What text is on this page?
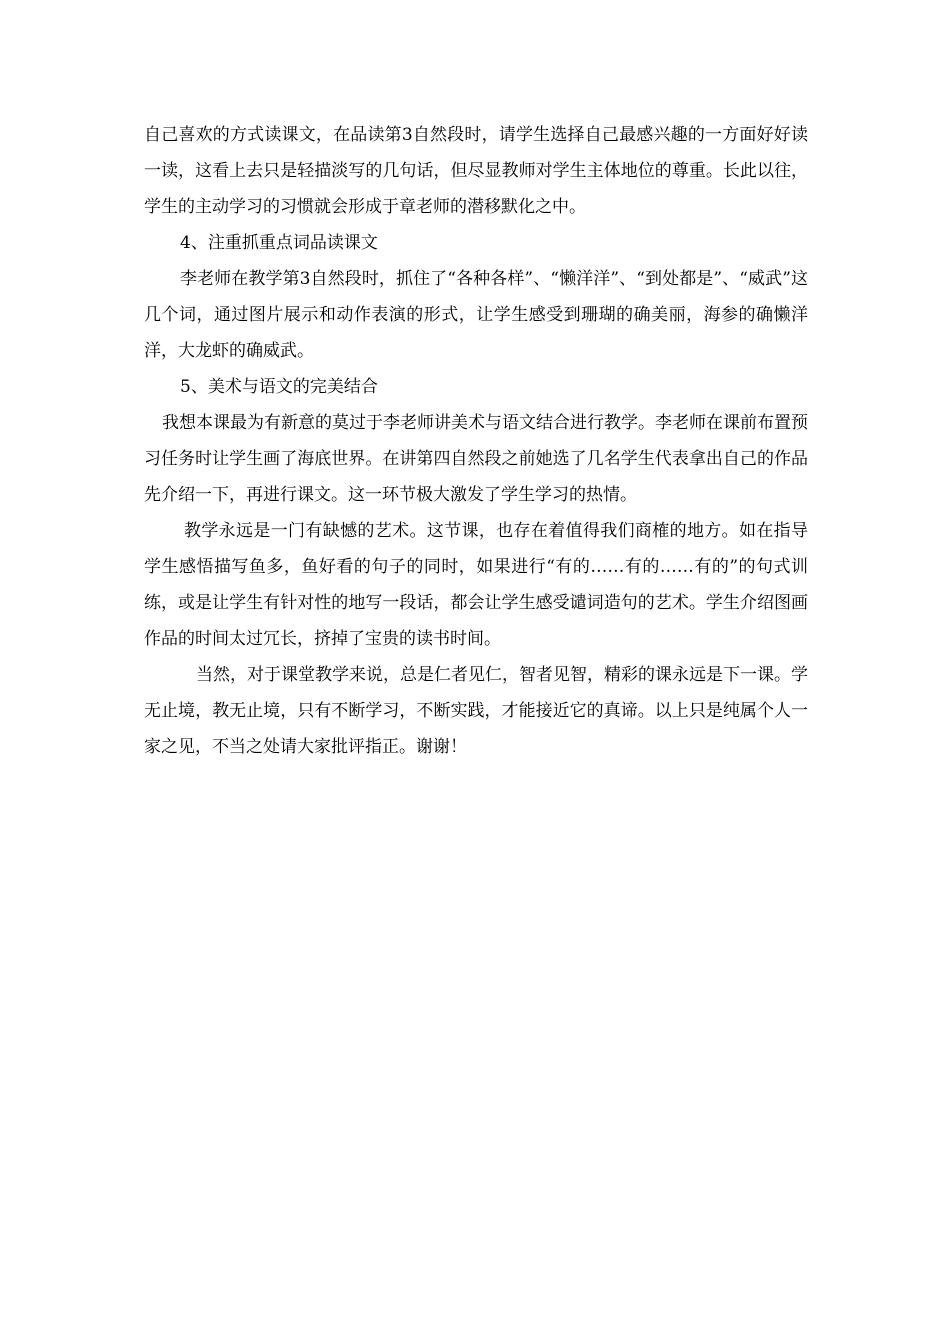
自己喜欢的方式读课文，在品读第3自然段时，请学生选择自己最感兴趣的一方面好好读一读，这看上去只是轻描淡写的几句话，但尽显教师对学生主体地位的尊重。长此以往，学生的主动学习的习惯就会形成于章老师的潜移默化之中。

4、注重抓重点词品读课文

李老师在教学第3自然段时，抓住了“各种各样”、“懒洋洋”、“到处都是”、“威武”这几个词，通过图片展示和动作表演的形式，让学生感受到珊瑚的确美丽，海参的确懒洋洋，大龙虾的确威武。

5、美术与语文的完美结合

我想本课最为有新意的莫过于李老师讲美术与语文结合进行教学。李老师在课前布置预习任务时让学生画了海底世界。在讲第四自然段之前她选了几名学生代表拿出自己的作品先介绍一下，再进行课文。这一环节极大激发了学生学习的热情。

教学永远是一门有缺憾的艺术。这节课，也存在着值得我们商榷的地方。如在指导学生感悟描写鱼多，鱼好看的句子的同时，如果进行“有的……有的……有的”的句式训练，或是让学生有针对性的地写一段话，都会让学生感受谴词造句的艺术。学生介绍图画作品的时间太过冗长，挤掉了宝贵的读书时间。

当然，对于课堂教学来说，总是仁者见仁，智者见智，精彩的课永远是下一课。学无止境，教无止境，只有不断学习，不断实践，才能接近它的真谛。以上只是纯属个人一家之见，不当之处请大家批评指正。谢谢！
